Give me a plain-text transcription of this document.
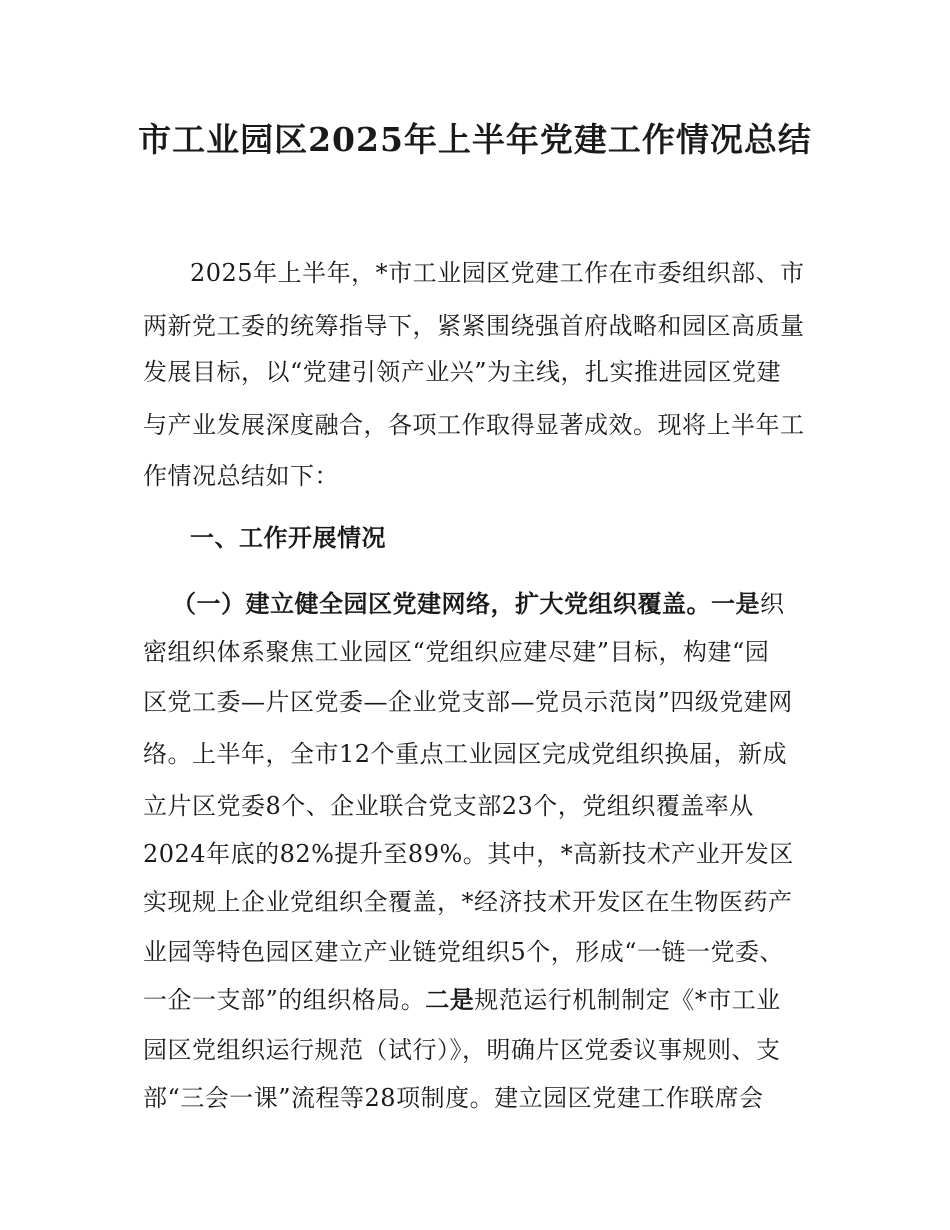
市工业园区2025年上半年党建工作情况总结
2025年上半年，*市工业园区党建工作在市委组织部、市
两新党工委的统筹指导下，紧紧围绕强首府战略和园区高质量
发展目标，以“党建引领产业兴”为主线，扎实推进园区党建
与产业发展深度融合，各项工作取得显著成效。现将上半年工
作情况总结如下：
一、工作开展情况
（一）建立健全园区党建网络，扩大党组织覆盖。一是织
密组织体系聚焦工业园区“党组织应建尽建”目标，构建“园
区党工委—片区党委—企业党支部—党员示范岗”四级党建网
络。上半年，全市12个重点工业园区完成党组织换届，新成
立片区党委8个、企业联合党支部23个，党组织覆盖率从
2024年底的82%提升至89%。其中，*高新技术产业开发区
实现规上企业党组织全覆盖，*经济技术开发区在生物医药产
业园等特色园区建立产业链党组织5个，形成“一链一党委、
一企一支部”的组织格局。二是规范运行机制制定《*市工业
园区党组织运行规范（试行）》，明确片区党委议事规则、支
部“三会一课”流程等28项制度。建立园区党建工作联席会
